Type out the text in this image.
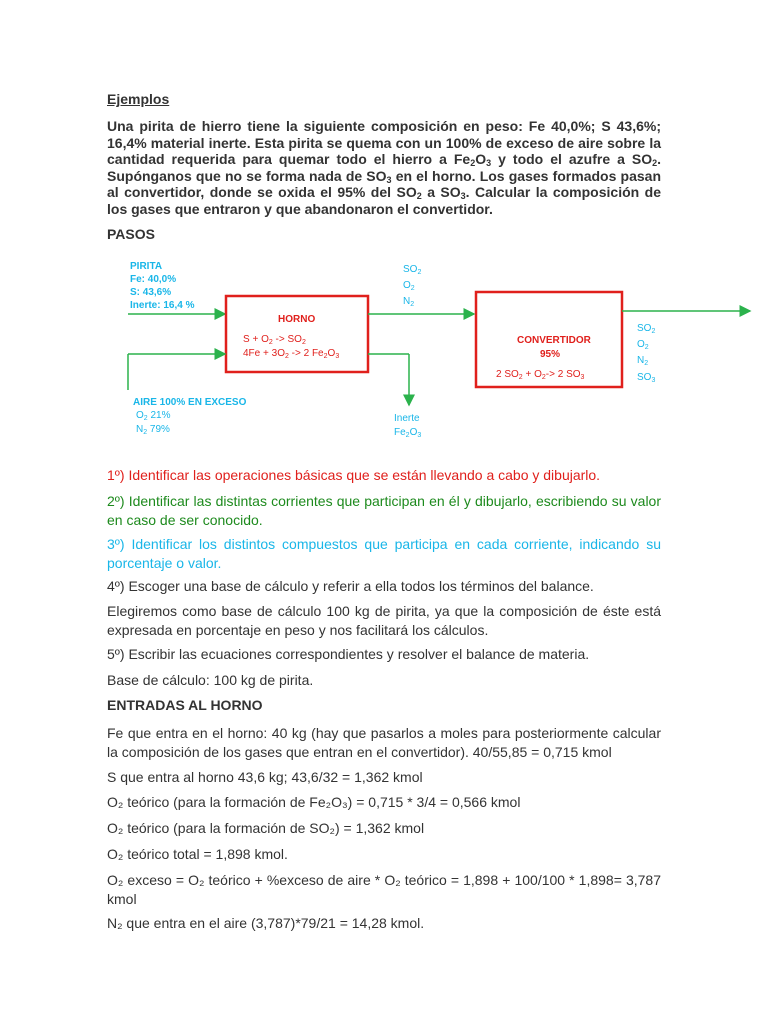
Ejemplos
Una pirita de hierro tiene la siguiente composición en peso: Fe 40,0%; S 43,6%; 16,4% material inerte. Esta pirita se quema con un 100% de exceso de aire sobre la cantidad requerida para quemar todo el hierro a $Fe_2O_3$ y todo el azufre a $SO_2$. Supónganos que no se forma nada de $SO_3$ en el horno. Los gases formados pasan al convertidor, donde se oxida el 95% del $SO_2$ a $SO_3$. Calcular la composición de los gases que entraron y que abandonaron el convertidor.
PASOS
PIRITA
Fe: 40,0%
S: 43,6%
Inerte: 16,4 %
HORNO
$S + O_2 -> SO_2$
$4Fe + 3O_2 -> 2$ $Fe_2O_3$
AIRE 100% EN EXCESO
$O_2$ 21%
$N_2$ 79%
$SO_2$
$O_2$
$N_2$
Inerte
$Fe_2O_3$
CONVERTIDOR
95%
2 $SO_2 + O_2-> 2$ $SO_3$
$SO_2$
$O_2$
$N_2$
$SO_3$
1º) Identificar las operaciones básicas que se están llevando a cabo y dibujarlo.
2º) Identificar las distintas corrientes que participan en él y dibujarlo, escribiendo su valor en caso de ser conocido.
3º) Identificar los distintos compuestos que participa en cada corriente, indicando su porcentaje o valor.
4º) Escoger una base de cálculo y referir a ella todos los términos del balance.
Elegiremos como base de cálculo 100 kg de pirita, ya que la composición de éste está expresada en porcentaje en peso y nos facilitará los cálculos.
5º) Escribir las ecuaciones correspondientes y resolver el balance de materia.
Base de cálculo: 100 kg de pirita.
ENTRADAS AL HORNO
Fe que entra en el horno: 40 kg (hay que pasarlos a moles para posteriormente calcular la composición de los gases que entran en el convertidor). 40/55,85 = 0,715 kmol
S que entra al horno 43,6 kg; 43,6/32 = 1,362 kmol
O₂ teórico (para la formación de Fe₂O₃) = 0,715 * 3/4 = 0,566 kmol
O₂ teórico (para la formación de SO₂) = 1,362 kmol
O₂ teórico total = 1,898 kmol.
O₂ exceso = O₂ teórico + %exceso de aire * O₂ teórico = 1,898 + 100/100 * 1,898= 3,787 kmol
N₂ que entra en el aire (3,787)*79/21 = 14,28 kmol.
